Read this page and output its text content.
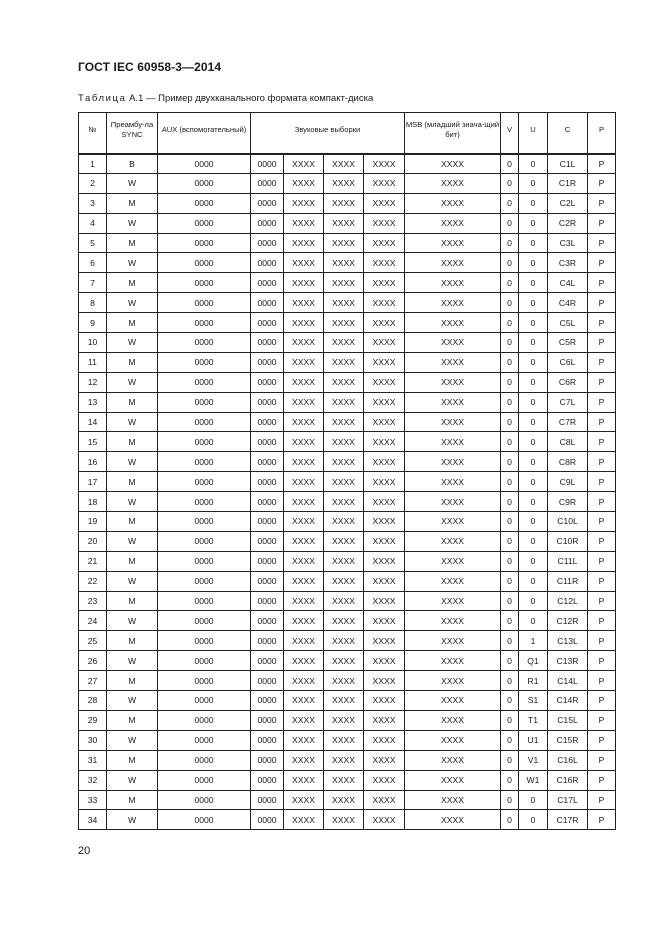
ГОСТ IEC 60958-3—2014
Таблица А.1 — Пример двухканального формата компакт-диска
№	Преамбу-ла SYNC	AUX (вспомогательный)	Звуковые выборки				MSB (младший знача-щий бит)	V	U	C	P
1	B	0000	0000	XXXX	XXXX	XXXX	XXXX	0	0	C1L	P
2	W	0000	0000	XXXX	XXXX	XXXX	XXXX	0	0	C1R	P
3	M	0000	0000	XXXX	XXXX	XXXX	XXXX	0	0	C2L	P
4	W	0000	0000	XXXX	XXXX	XXXX	XXXX	0	0	C2R	P
5	M	0000	0000	XXXX	XXXX	XXXX	XXXX	0	0	C3L	P
6	W	0000	0000	XXXX	XXXX	XXXX	XXXX	0	0	C3R	P
7	M	0000	0000	XXXX	XXXX	XXXX	XXXX	0	0	C4L	P
8	W	0000	0000	XXXX	XXXX	XXXX	XXXX	0	0	C4R	P
9	M	0000	0000	XXXX	XXXX	XXXX	XXXX	0	0	C5L	P
10	W	0000	0000	XXXX	XXXX	XXXX	XXXX	0	0	C5R	P
11	M	0000	0000	XXXX	XXXX	XXXX	XXXX	0	0	C6L	P
12	W	0000	0000	XXXX	XXXX	XXXX	XXXX	0	0	C6R	P
13	M	0000	0000	XXXX	XXXX	XXXX	XXXX	0	0	C7L	P
14	W	0000	0000	XXXX	XXXX	XXXX	XXXX	0	0	C7R	P
15	M	0000	0000	XXXX	XXXX	XXXX	XXXX	0	0	C8L	P
16	W	0000	0000	XXXX	XXXX	XXXX	XXXX	0	0	C8R	P
17	M	0000	0000	XXXX	XXXX	XXXX	XXXX	0	0	C9L	P
18	W	0000	0000	XXXX	XXXX	XXXX	XXXX	0	0	C9R	P
19	M	0000	0000	XXXX	XXXX	XXXX	XXXX	0	0	C10L	P
20	W	0000	0000	XXXX	XXXX	XXXX	XXXX	0	0	C10R	P
21	M	0000	0000	XXXX	XXXX	XXXX	XXXX	0	0	C11L	P
22	W	0000	0000	XXXX	XXXX	XXXX	XXXX	0	0	C11R	P
23	M	0000	0000	XXXX	XXXX	XXXX	XXXX	0	0	C12L	P
24	W	0000	0000	XXXX	XXXX	XXXX	XXXX	0	0	C12R	P
25	M	0000	0000	XXXX	XXXX	XXXX	XXXX	0	1	C13L	P
26	W	0000	0000	XXXX	XXXX	XXXX	XXXX	0	Q1	C13R	P
27	M	0000	0000	XXXX	XXXX	XXXX	XXXX	0	R1	C14L	P
28	W	0000	0000	XXXX	XXXX	XXXX	XXXX	0	S1	C14R	P
29	M	0000	0000	XXXX	XXXX	XXXX	XXXX	0	T1	C15L	P
30	W	0000	0000	XXXX	XXXX	XXXX	XXXX	0	U1	C15R	P
31	M	0000	0000	XXXX	XXXX	XXXX	XXXX	0	V1	C16L	P
32	W	0000	0000	XXXX	XXXX	XXXX	XXXX	0	W1	C16R	P
33	M	0000	0000	XXXX	XXXX	XXXX	XXXX	0	0	C17L	P
34	W	0000	0000	XXXX	XXXX	XXXX	XXXX	0	0	C17R	P
20
